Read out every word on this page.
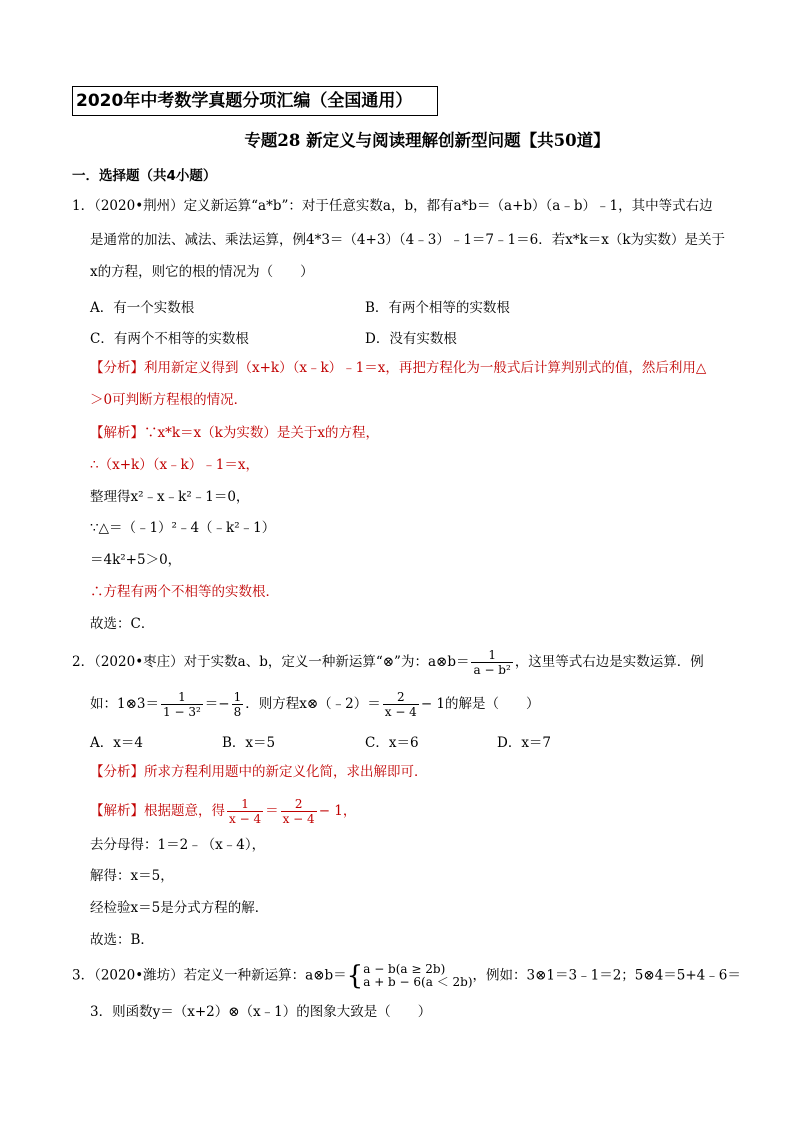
2020年中考数学真题分项汇编（全国通用）
专题28 新定义与阅读理解创新型问题【共50道】
一．选择题（共4小题）
1．（2020•荆州）定义新运算“a*b”：对于任意实数a，b，都有a*b＝（a+b）（a﹣b）﹣1，其中等式右边
是通常的加法、减法、乘法运算，例4*3＝（4+3）（4﹣3）﹣1＝7﹣1＝6．若x*k＝x（k为实数）是关于
x的方程，则它的根的情况为（　　）
A．有一个实数根	B．有两个相等的实数根
C．有两个不相等的实数根	D．没有实数根
【分析】利用新定义得到（x+k）（x﹣k）﹣1＝x，再把方程化为一般式后计算判别式的值，然后利用△
＞0可判断方程根的情况．
【解析】∵x*k＝x（k为实数）是关于x的方程，
∴（x+k）（x﹣k）﹣1＝x，
整理得x²﹣x﹣k²﹣1＝0，
∵△＝（﹣1）²﹣4（﹣k²﹣1）
＝4k²+5＞0，
∴方程有两个不相等的实数根．
故选：C．
2．（2020•枣庄）对于实数a、b，定义一种新运算“⊗”为：a⊗b＝ $\frac{1}{\text{a − b²}}$ ，这里等式右边是实数运算．例
如：1⊗3＝ $\frac{1}{\text{1 − 3²}} =- \frac{1}{8}$ ．则方程x⊗（﹣2）＝ $\frac{2}{x - 4} - 1$的解是（　　）
A．x＝4	B．x＝5	C．x＝6	D．x＝7
【分析】所求方程利用题中的新定义化简，求出解即可．
【解析】根据题意，得 $\frac{1}{x - 4} = \frac{2}{x - 4} - 1$，
去分母得：1＝2﹣（x﹣4），
解得：x＝5，
经检验x＝5是分式方程的解．
故选：B．
3．（2020•潍坊）若定义一种新运算：a⊗b＝{ a − b(a ≥ 2b)
a + b − 6(a ＜ 2b) ，例如：3⊗1＝3﹣1＝2；5⊗4＝5+4﹣6＝
3．则函数y＝（x+2）⊗（x﹣1）的图象大致是（　　）
